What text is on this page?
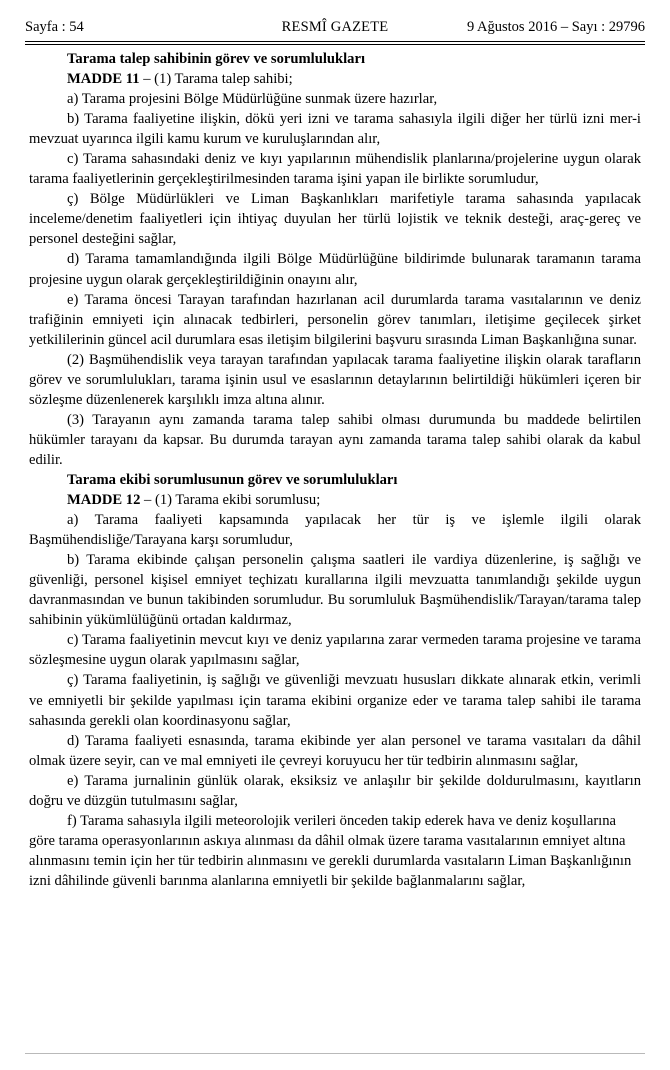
Sayfa : 54	RESMÎ GAZETE	9 Ağustos 2016 – Sayı : 29796

Tarama talep sahibinin görev ve sorumlulukları

MADDE 11 – (1) Tarama talep sahibi;

a) Tarama projesini Bölge Müdürlüğüne sunmak üzere hazırlar,

b) Tarama faaliyetine ilişkin, dökü yeri izni ve tarama sahasıyla ilgili diğer her türlü izni mer-i mevzuat uyarınca ilgili kamu kurum ve kuruluşlarından alır,

c) Tarama sahasındaki deniz ve kıyı yapılarının mühendislik planlarına/projelerine uygun olarak tarama faaliyetlerinin gerçekleştirilmesinden tarama işini yapan ile birlikte sorumludur,

ç) Bölge Müdürlükleri ve Liman Başkanlıkları marifetiyle tarama sahasında yapılacak inceleme/denetim faaliyetleri için ihtiyaç duyulan her türlü lojistik ve teknik desteği, araç-gereç ve personel desteğini sağlar,

d) Tarama tamamlandığında ilgili Bölge Müdürlüğüne bildirimde bulunarak taramanın tarama projesine uygun olarak gerçekleştirildiğinin onayını alır,

e) Tarama öncesi Tarayan tarafından hazırlanan acil durumlarda tarama vasıtalarının ve deniz trafiğinin emniyeti için alınacak tedbirleri, personelin görev tanımları, iletişime geçilecek şirket yetkililerinin güncel acil durumlara esas iletişim bilgilerini başvuru sırasında Liman Başkanlığına sunar.

(2) Başmühendislik veya tarayan tarafından yapılacak tarama faaliyetine ilişkin olarak tarafların görev ve sorumlulukları, tarama işinin usul ve esaslarının detaylarının belirtildiği hükümleri içeren bir sözleşme düzenlenerek karşılıklı imza altına alınır.

(3) Tarayanın aynı zamanda tarama talep sahibi olması durumunda bu maddede belirtilen hükümler tarayanı da kapsar. Bu durumda tarayan aynı zamanda tarama talep sahibi olarak da kabul edilir.

Tarama ekibi sorumlusunun görev ve sorumlulukları

MADDE 12 – (1) Tarama ekibi sorumlusu;

a) Tarama faaliyeti kapsamında yapılacak her tür iş ve işlemle ilgili olarak Başmühendisliğe/Tarayana karşı sorumludur,

b) Tarama ekibinde çalışan personelin çalışma saatleri ile vardiya düzenlerine, iş sağlığı ve güvenliği, personel kişisel emniyet teçhizatı kurallarına ilgili mevzuatta tanımlandığı şekilde uygun davranmasından ve bunun takibinden sorumludur. Bu sorumluluk Başmühendislik/Tarayan/tarama talep sahibinin yükümlülüğünü ortadan kaldırmaz,

c) Tarama faaliyetinin mevcut kıyı ve deniz yapılarına zarar vermeden tarama projesine ve tarama sözleşmesine uygun olarak yapılmasını sağlar,

ç) Tarama faaliyetinin, iş sağlığı ve güvenliği mevzuatı hususları dikkate alınarak etkin, verimli ve emniyetli bir şekilde yapılması için tarama ekibini organize eder ve tarama talep sahibi ile tarama sahasında gerekli olan koordinasyonu sağlar,

d) Tarama faaliyeti esnasında, tarama ekibinde yer alan personel ve tarama vasıtaları da dâhil olmak üzere seyir, can ve mal emniyeti ile çevreyi koruyucu her tür tedbirin alınmasını sağlar,

e) Tarama jurnalinin günlük olarak, eksiksiz ve anlaşılır bir şekilde doldurulmasını, kayıtların doğru ve düzgün tutulmasını sağlar,

f) Tarama sahasıyla ilgili meteorolojik verileri önceden takip ederek hava ve deniz koşullarına göre tarama operasyonlarının askıya alınması da dâhil olmak üzere tarama vasıtalarının emniyet altına alınmasını temin için her tür tedbirin alınmasını ve gerekli durumlarda vasıtaların Liman Başkanlığının izni dâhilinde güvenli barınma alanlarına emniyetli bir şekilde bağlanmalarını sağlar,
